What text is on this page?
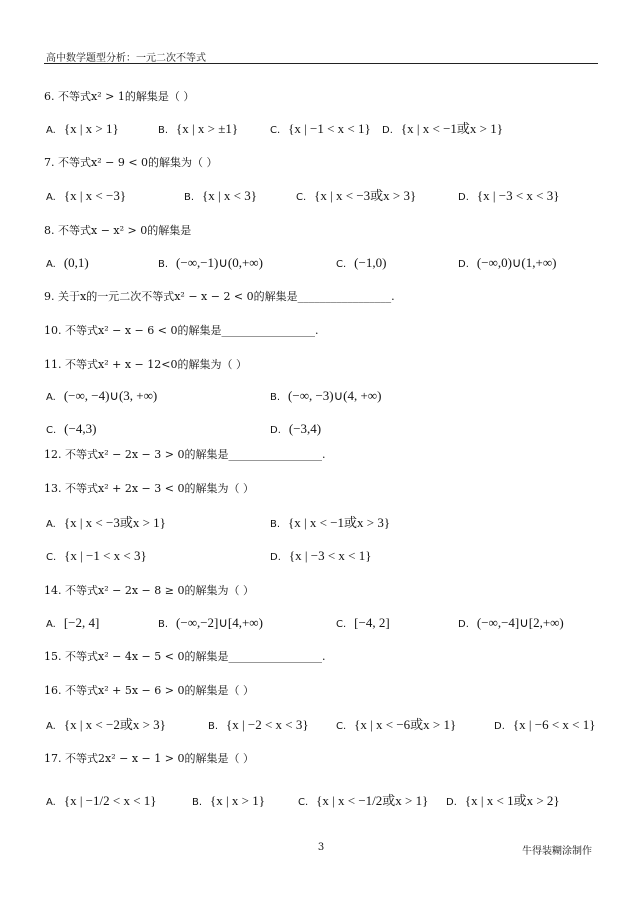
高中数学题型分析：一元二次不等式
6. 不等式x² > 1的解集是（ ）
A. {x | x > 1}	B. {x | x > ±1}	C. {x | −1 < x < 1} D. {x | x < −1或x > 1}
7. 不等式x² − 9 < 0的解集为（ ）
A. {x | x < −3}	B. {x | x < 3}	C. {x | x < −3或x > 3}	D. {x | −3 < x < 3}
8. 不等式x − x² > 0的解集是
A. (0,1)	B. (−∞,−1)∪(0,+∞)	C. (−1,0)	D. (−∞,0)∪(1,+∞)
9. 关于x的一元二次不等式x² − x − 2 < 0的解集是_________________.
10. 不等式x² − x − 6 < 0的解集是_________________.
11. 不等式x² + x − 12<0的解集为（ ）
A. (−∞, −4)∪(3, +∞)	B. (−∞, −3)∪(4, +∞)
C. (−4,3)	D. (−3,4)
12. 不等式x² − 2x − 3 > 0的解集是_________________.
13. 不等式x² + 2x − 3 < 0的解集为（ ）
A. {x | x < −3或x > 1}	B. {x | x < −1或x > 3}
C. {x | −1 < x < 3}	D. {x | −3 < x < 1}
14. 不等式x² − 2x − 8 ≥ 0的解集为（ ）
A. [−2, 4]	B. (−∞,−2]∪[4,+∞)	C. [−4, 2]	D. (−∞,−4]∪[2,+∞)
15. 不等式x² − 4x − 5 < 0的解集是_________________.
16. 不等式x² + 5x − 6 > 0的解集是（ ）
A. {x | x < −2或x > 3}	B. {x | −2 < x < 3}	C. {x | x < −6或x > 1}	D. {x | −6 < x < 1}
17. 不等式2x² − x − 1 > 0的解集是（ ）
A. {x | −1/2 < x < 1}	B. {x | x > 1}	C. {x | x < −1/2或x > 1} D. {x | x < 1或x > 2}
3	牛得装糊涂制作
